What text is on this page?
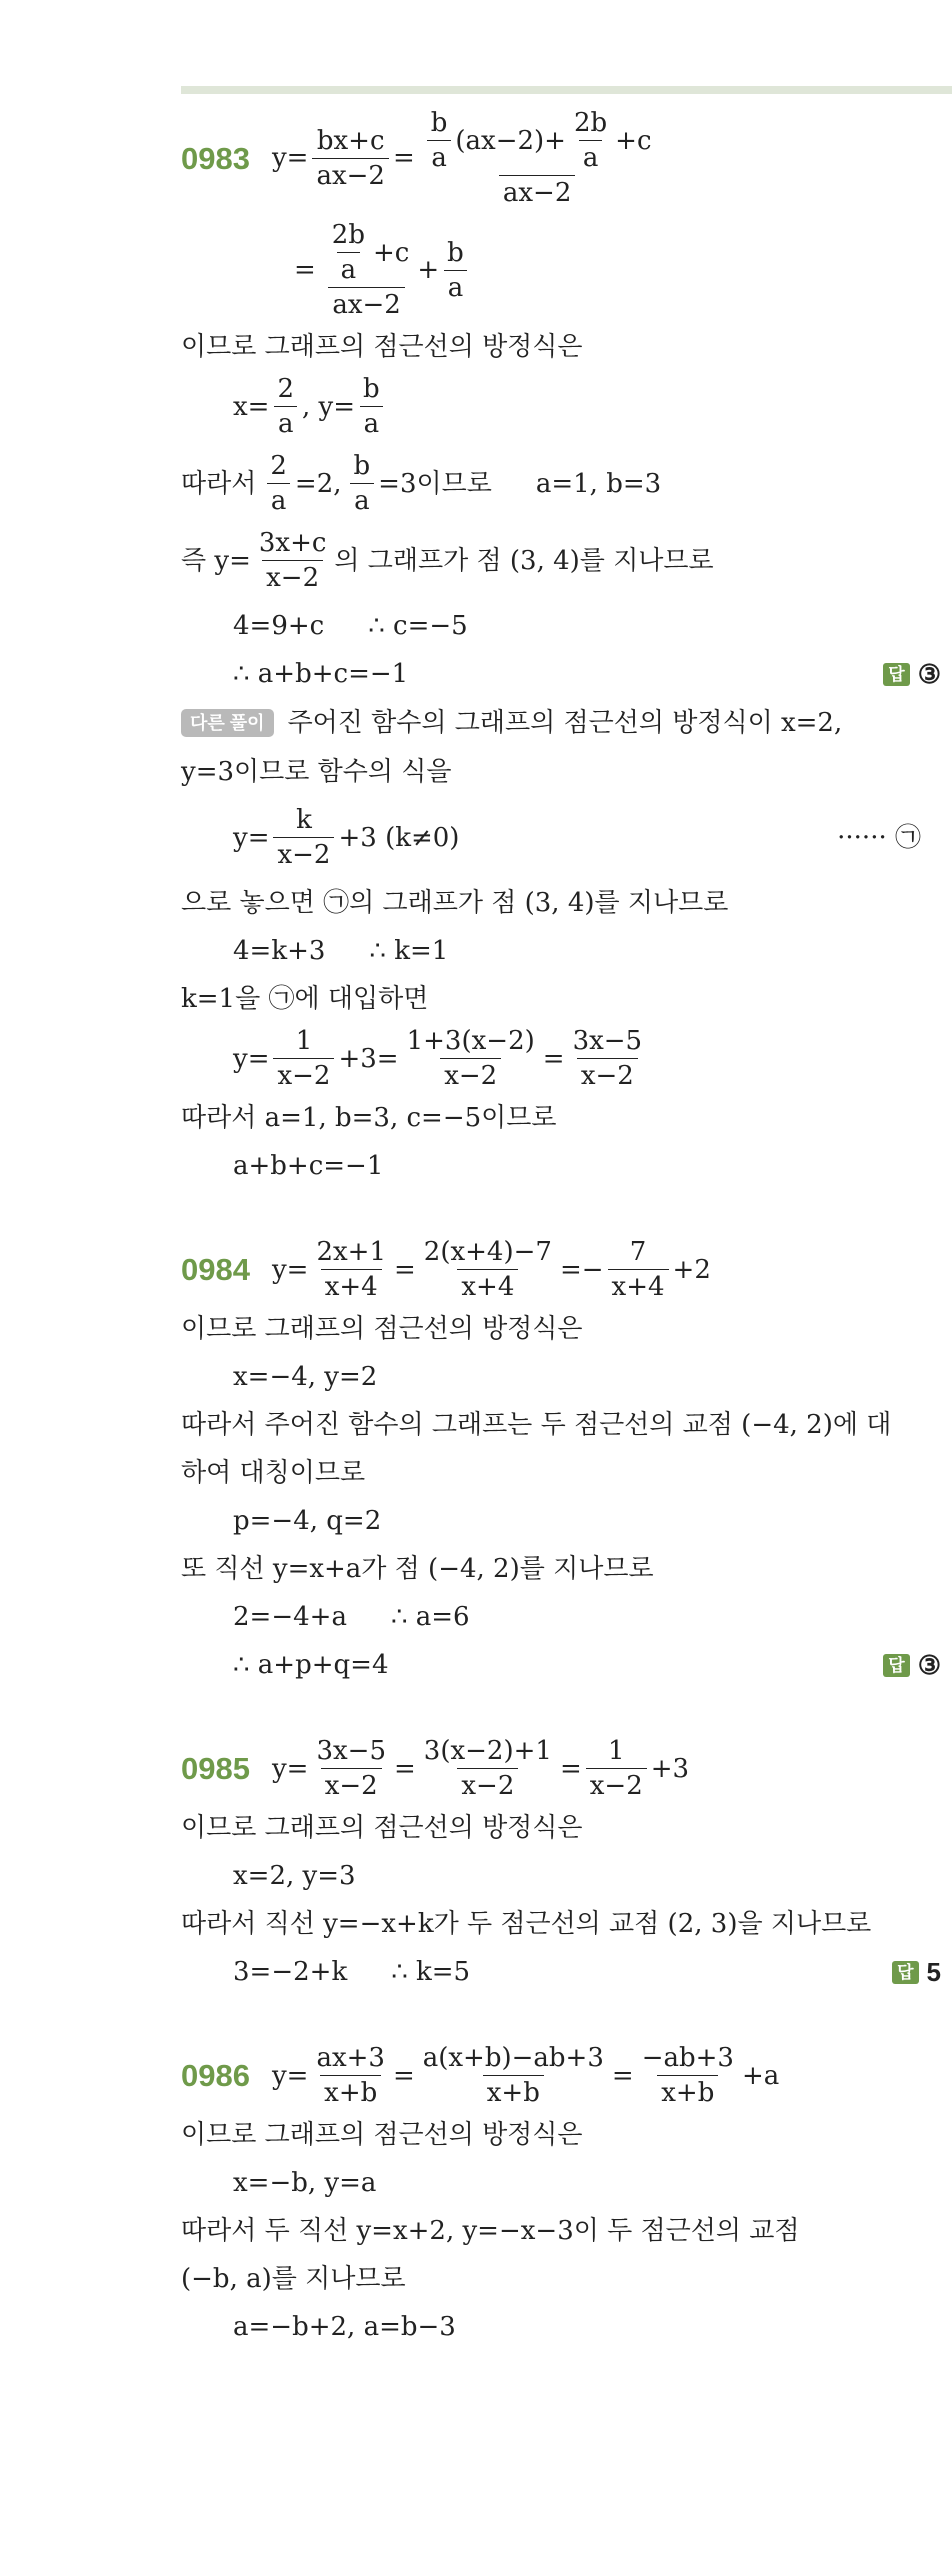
0983 $y= \frac{bx+c}{ax-2} = \frac{\frac{b}{a} (ax-2)+ \frac{2b}{a} +c}{ax-2}$
= $\frac{\frac{2b}{a} +c}{ax-2} + \frac{b}{a}$
이므로 그래프의 점근선의 방정식은
$x= \frac{2}{a}$ , $y= \frac{b}{a}$
따라서 $\frac{2}{a} =2$, $\frac{b}{a} =3$이므로 a=1, b=3
즉 $y= \frac{3x+c}{x-2}$ 의 그래프가 점 (3, 4)를 지나므로
4=9+c ∴ c=−5
∴ a+b+c=−1	답 ③
다른 풀이 주어진 함수의 그래프의 점근선의 방정식이 x=2,
y=3이므로 함수의 식을
$y= \frac{k}{x-2} +3$ (k≠0)	······ ㉠
으로 놓으면 ㉠의 그래프가 점 (3, 4)를 지나므로
4=k+3 ∴ k=1
k=1을 ㉠에 대입하면
$y= \frac{1}{x-2} +3= \frac{1+3(x-2)}{x-2} = \frac{3x-5}{x-2}$
따라서 a=1, b=3, c=−5이므로
a+b+c=−1
0984 $y= \frac{2x+1}{x+4} = \frac{2(x+4)-7}{x+4} =- \frac{7}{x+4} +2$
이므로 그래프의 점근선의 방정식은
x=−4, y=2
따라서 주어진 함수의 그래프는 두 점근선의 교점 (−4, 2)에 대
하여 대칭이므로
p=−4, q=2
또 직선 y=x+a가 점 (−4, 2)를 지나므로
2=−4+a ∴ a=6
∴ a+p+q=4	답 ③
0985 $y= \frac{3x-5}{x-2} = \frac{3(x-2)+1}{x-2} = \frac{1}{x-2} +3$
이므로 그래프의 점근선의 방정식은
x=2, y=3
따라서 직선 y=−x+k가 두 점근선의 교점 (2, 3)을 지나므로
3=−2+k ∴ k=5	답 5
0986 $y= \frac{ax+3}{x+b} = \frac{a(x+b)-ab+3}{x+b} = \frac{-ab+3}{x+b} +a$
이므로 그래프의 점근선의 방정식은
x=−b, y=a
따라서 두 직선 y=x+2, y=−x−3이 두 점근선의 교점
(−b, a)를 지나므로
a=−b+2, a=b−3
